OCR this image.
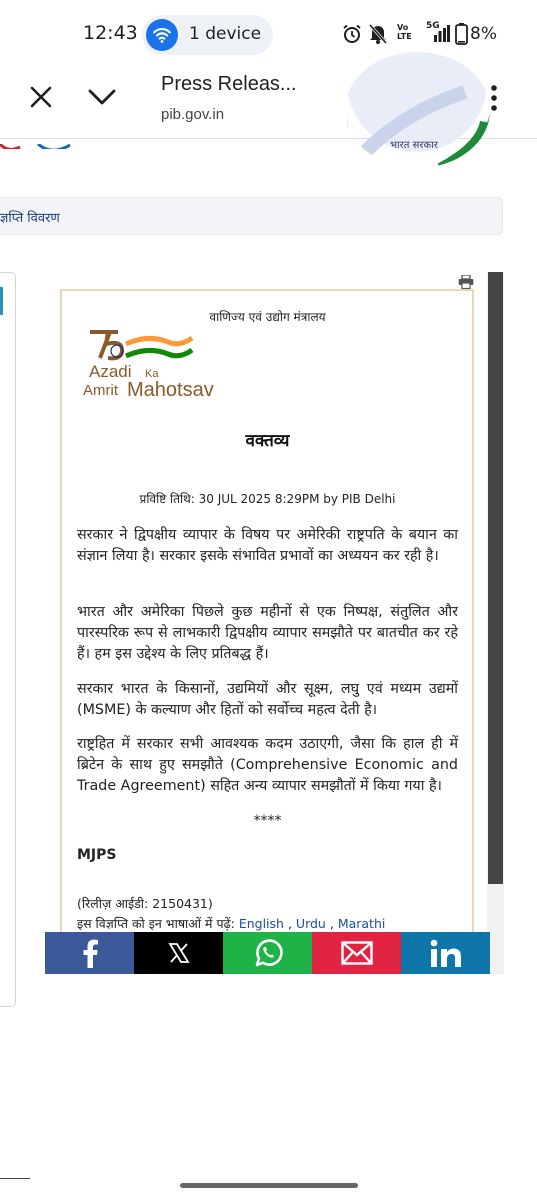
12:43	1 device	Vo LTE
5G 8%
Press Releas...
pib.gov.in
भारत सरकार
ज्ञप्ति विवरण
वाणिज्य एवं उद्योग मंत्रालय
Azadi Ka
Amrit Mahotsav
वक्तव्य
प्रविष्टि तिथि: 30 JUL 2025 8:29PM by PIB Delhi

सरकार ने द्विपक्षीय व्यापार के विषय पर अमेरिकी राष्ट्रपति के बयान का संज्ञान लिया है। सरकार इसके संभावित प्रभावों का अध्ययन कर रही है।

भारत और अमेरिका पिछले कुछ महीनों से एक निष्पक्ष, संतुलित और पारस्परिक रूप से लाभकारी द्विपक्षीय व्यापार समझौते पर बातचीत कर रहे हैं। हम इस उद्देश्य के लिए प्रतिबद्ध हैं।

सरकार भारत के किसानों, उद्यमियों और सूक्ष्म, लघु एवं मध्यम उद्यमों (MSME) के कल्याण और हितों को सर्वोच्च महत्व देती है।

राष्ट्रहित में सरकार सभी आवश्यक कदम उठाएगी, जैसा कि हाल ही में ब्रिटेन के साथ हुए समझौते (Comprehensive Economic and Trade Agreement) सहित अन्य व्यापार समझौतों में किया गया है।

****
MJPS
(रिलीज़ आईडी: 2150431)
इस विज्ञप्ति को इन भाषाओं में पढ़ें: English , Urdu , Marathi
